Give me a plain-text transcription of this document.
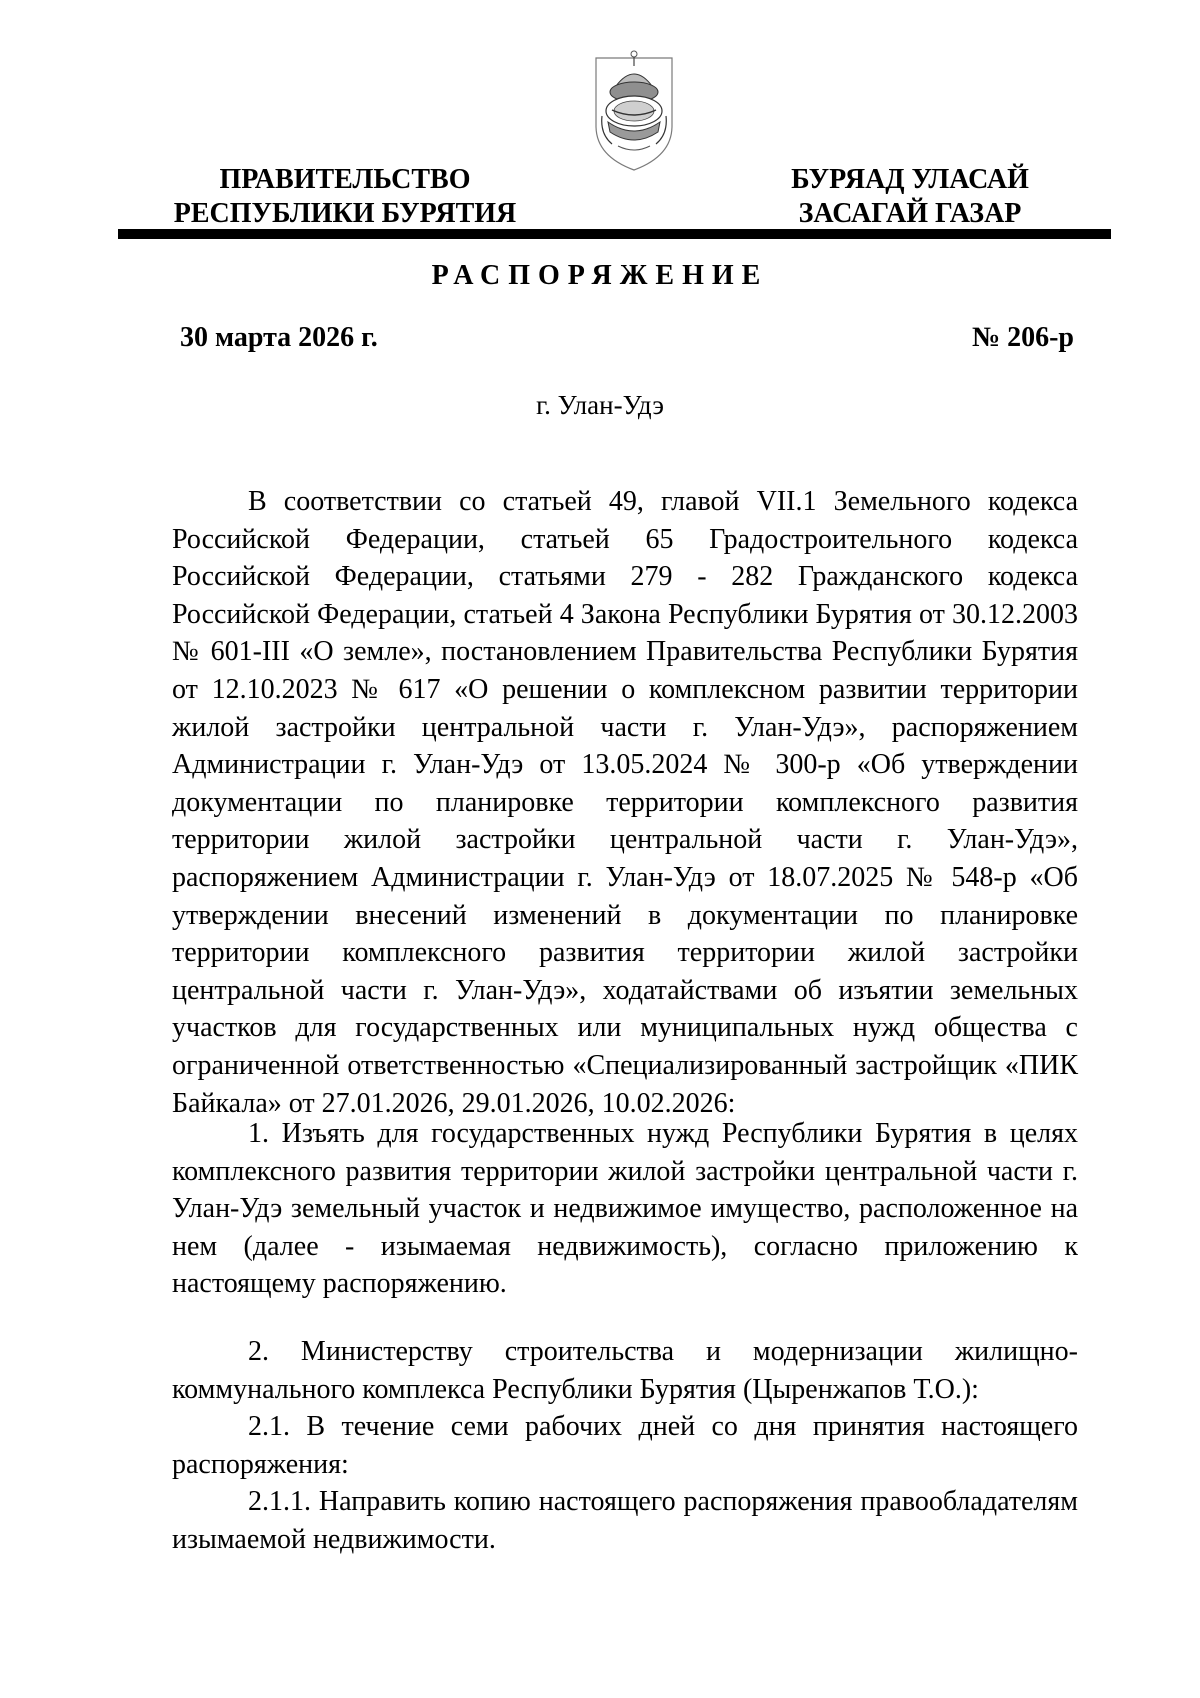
ПРАВИТЕЛЬСТВО
РЕСПУБЛИКИ БУРЯТИЯ
БУРЯАД УЛАСАЙ
ЗАСАГАЙ ГАЗАР
РАСПОРЯЖЕНИЕ
30 марта 2026 г.	№ 206-р
г. Улан-Удэ

В соответствии со статьей 49, главой VII.1 Земельного кодекса Российской Федерации, статьей 65 Градостроительного кодекса Российской Федерации, статьями 279 - 282 Гражданского кодекса Российской Федерации, статьей 4 Закона Республики Бурятия от 30.12.2003 № 601-III «О земле», постановлением Правительства Республики Бурятия от 12.10.2023 № 617 «О решении о комплексном развитии территории жилой застройки центральной части г. Улан-Удэ», распоряжением Администрации г. Улан-Удэ от 13.05.2024 № 300-р «Об утверждении документации по планировке территории комплексного развития территории жилой застройки центральной части г. Улан-Удэ», распоряжением Администрации г. Улан-Удэ от 18.07.2025 № 548-р «Об утверждении внесений изменений в документации по планировке территории комплексного развития территории жилой застройки центральной части г. Улан-Удэ», ходатайствами об изъятии земельных участков для государственных или муниципальных нужд общества с ограниченной ответственностью «Специализированный застройщик «ПИК Байкала» от 27.01.2026, 29.01.2026, 10.02.2026:

1. Изъять для государственных нужд Республики Бурятия в целях комплексного развития территории жилой застройки центральной части г. Улан-Удэ земельный участок и недвижимое имущество, расположенное на нем (далее - изымаемая недвижимость), согласно приложению к настоящему распоряжению.

2. Министерству строительства и модернизации жилищно-коммунального комплекса Республики Бурятия (Цыренжапов Т.О.):

2.1. В течение семи рабочих дней со дня принятия настоящего распоряжения:

2.1.1. Направить копию настоящего распоряжения правообладателям изымаемой недвижимости.
